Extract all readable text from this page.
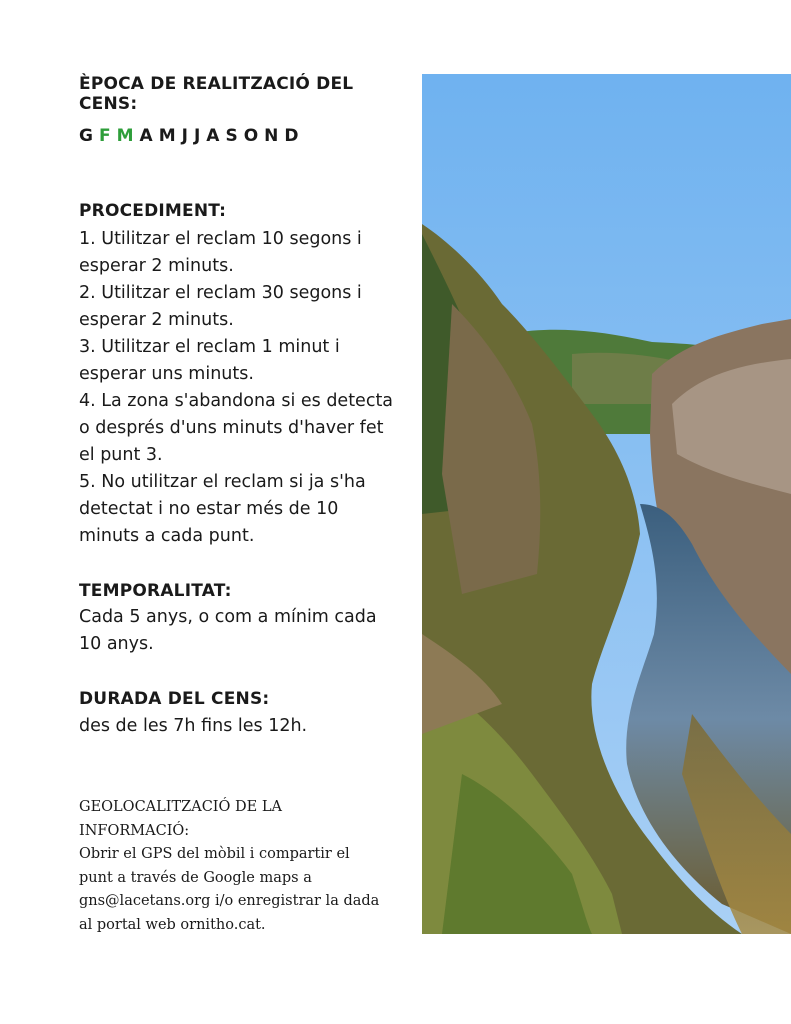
ÈPOCA DE REALITZACIÓ DEL CENS:
GFMAMJJASOND
PROCEDIMENT:

1. Utilitzar el reclam 10 segons i esperar 2 minuts.

2. Utilitzar el reclam 30 segons i esperar 2 minuts.

3. Utilitzar el reclam 1 minut i esperar uns minuts.

4. La zona s'abandona si es detecta o després d'uns minuts d'haver fet el punt 3.

5. No utilitzar el reclam si ja s'ha detectat i no estar més de 10 minuts a cada punt.

TEMPORALITAT:

Cada 5 anys, o com a mínim cada 10 anys.

DURADA DEL CENS:

des de les 7h fins les 12h.

GEOLOCALITZACIÓ DE LA INFORMACIÓ:
Obrir el GPS del mòbil i compartir el punt a través de Google maps a gns@lacetans.org i/o enregistrar la dada al portal web ornitho.cat.
